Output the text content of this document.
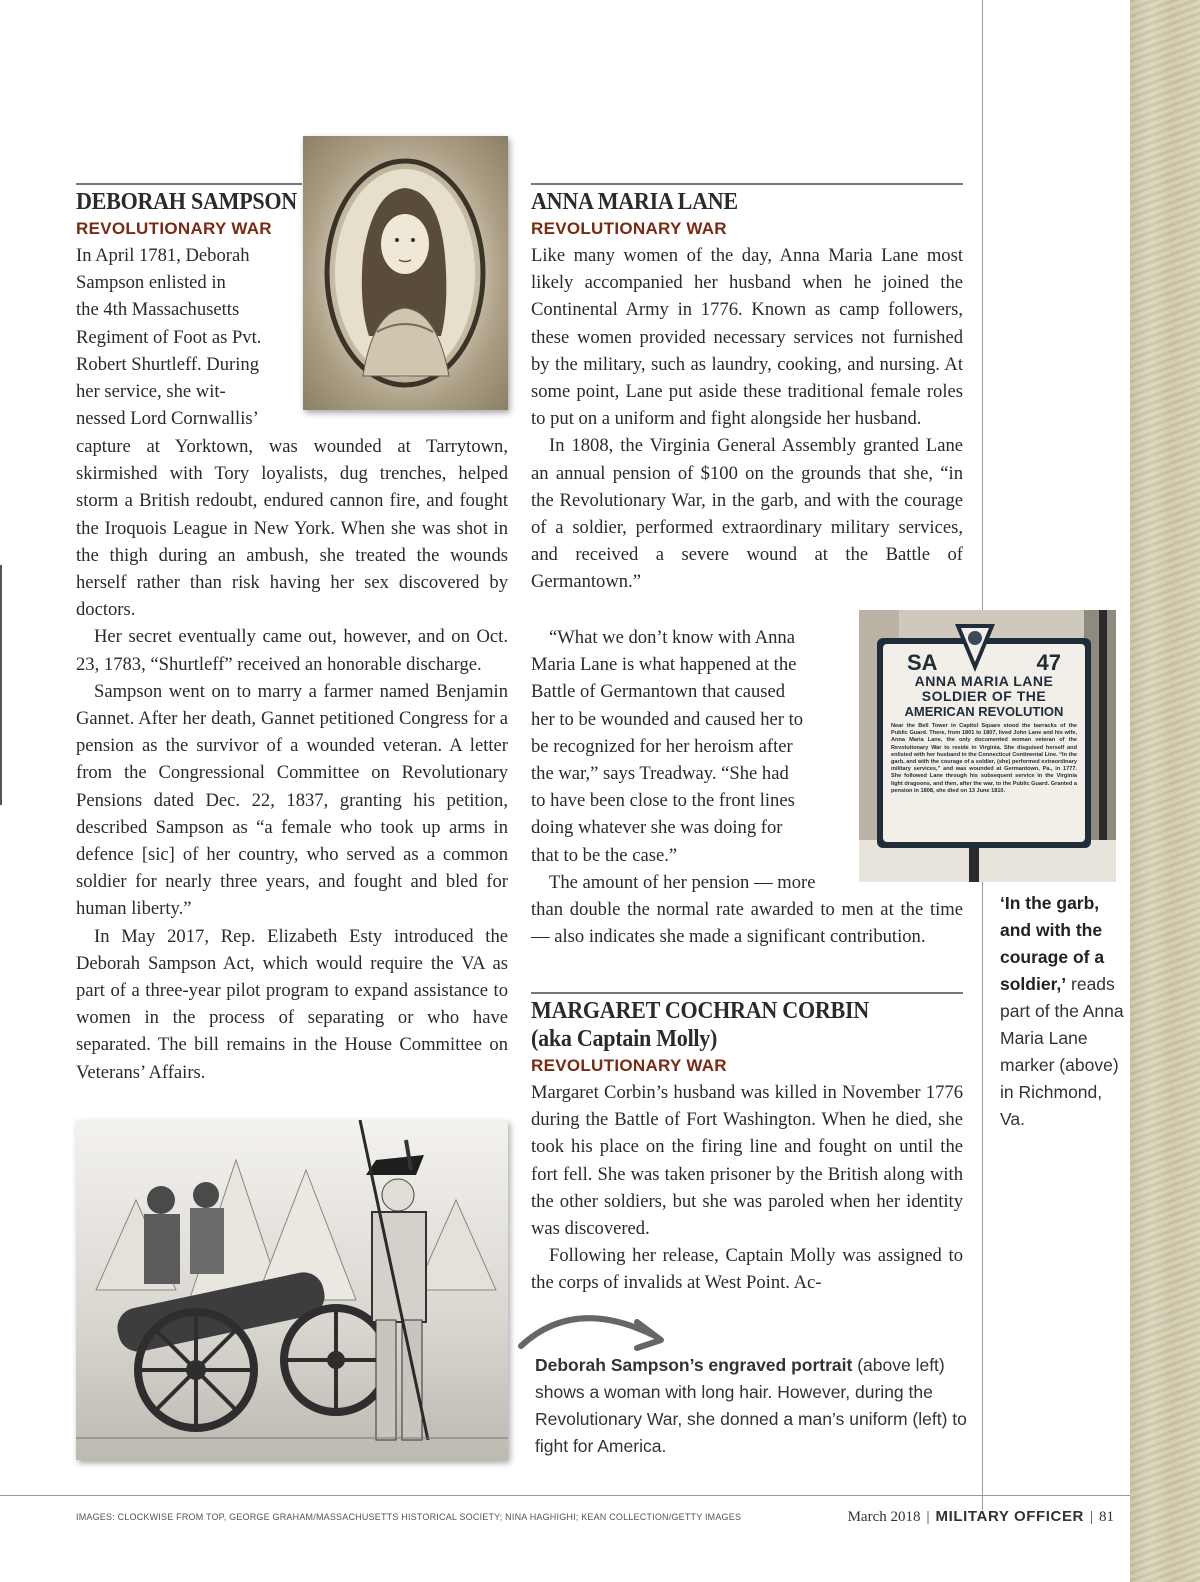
DEBORAH SAMPSON
REVOLUTIONARY WAR
In April 1781, Deborah
Sampson enlisted in
the 4th Massachusetts
Regiment of Foot as Pvt.
Robert Shurtleff. During
her service, she wit-
nessed Lord Cornwallis’

capture at Yorktown, was wounded at Tarrytown, skirmished with Tory loyalists, dug trenches, helped storm a British redoubt, endured cannon fire, and fought the Iroquois League in New York. When she was shot in the thigh during an ambush, she treated the wounds herself rather than risk having her sex discovered by doctors.

Her secret eventually came out, however, and on Oct. 23, 1783, “Shurtleff” received an honorable discharge.

Sampson went on to marry a farmer named Benjamin Gannet. After her death, Gannet petitioned Congress for a pension as the survivor of a wounded veteran. A letter from the Congressional Committee on Revolutionary Pensions dated Dec. 22, 1837, granting his petition, described Sampson as “a female who took up arms in defence [sic] of her country, who served as a common soldier for nearly three years, and fought and bled for human liberty.”

In May 2017, Rep. Elizabeth Esty introduced the Deborah Sampson Act, which would require the VA as part of a three-year pilot program to expand assistance to women in the process of separating or who have separated. The bill remains in the House Committee on Veterans’ Affairs.

ANNA MARIA LANE
REVOLUTIONARY WAR

Like many women of the day, Anna Maria Lane most likely accompanied her husband when he joined the Continental Army in 1776. Known as camp followers, these women provided necessary services not furnished by the military, such as laundry, cooking, and nursing. At some point, Lane put aside these traditional female roles to put on a uniform and fight alongside her husband.

In 1808, the Virginia General Assembly granted Lane an annual pension of $100 on the grounds that she, “in the Revolutionary War, in the garb, and with the courage of a soldier, performed extraordinary military services, and received a severe wound at the Battle of Germantown.”

“What we don’t know with Anna
Maria Lane is what happened at the
Battle of Germantown that caused
her to be wounded and caused her to
be recognized for her heroism after
the war,” says Treadway. “She had
to have been close to the front lines
doing whatever she was doing for
that to be the case.”
The amount of her pension — more

than double the normal rate awarded to men at the time — also indicates she made a significant contribution.

SA	47
ANNA MARIA LANE
SOLDIER OF THE
AMERICAN REVOLUTION
Near the Bell Tower in Capitol Square stood the barracks of the Public Guard. There, from 1801 to 1807, lived John Lane and his wife, Anna Maria Lane, the only documented woman veteran of the Revolutionary War to reside in Virginia. She disguised herself and enlisted with her husband in the Connecticut Continental Line. “In the garb, and with the courage of a soldier, (she) performed extraordinary military services,” and was wounded at Germantown, Pa., in 1777. She followed Lane through his subsequent service in the Virginia light dragoons, and then, after the war, to the Public Guard. Granted a pension in 1808, she died on 13 June 1810.
‘In the garb, and with the courage of a soldier,’ reads part of the Anna Maria Lane marker (above) in Richmond, Va.
MARGARET COCHRAN CORBIN
(aka Captain Molly)
REVOLUTIONARY WAR

Margaret Corbin’s husband was killed in November 1776 during the Battle of Fort Washington. When he died, she took his place on the firing line and fought on until the fort fell. She was taken prisoner by the British along with the other soldiers, but she was paroled when her identity was discovered.

Following her release, Captain Molly was assigned to the corps of invalids at West Point. Ac-

Deborah Sampson’s engraved portrait (above left) shows a woman with long hair. However, during the Revolutionary War, she donned a man’s uniform (left) to fight for America.
IMAGES: CLOCKWISE FROM TOP, GEORGE GRAHAM/MASSACHUSETTS HISTORICAL SOCIETY; NINA HAGHIGHI; KEAN COLLECTION/GETTY IMAGES	March 2018 | MILITARY OFFICER | 81
